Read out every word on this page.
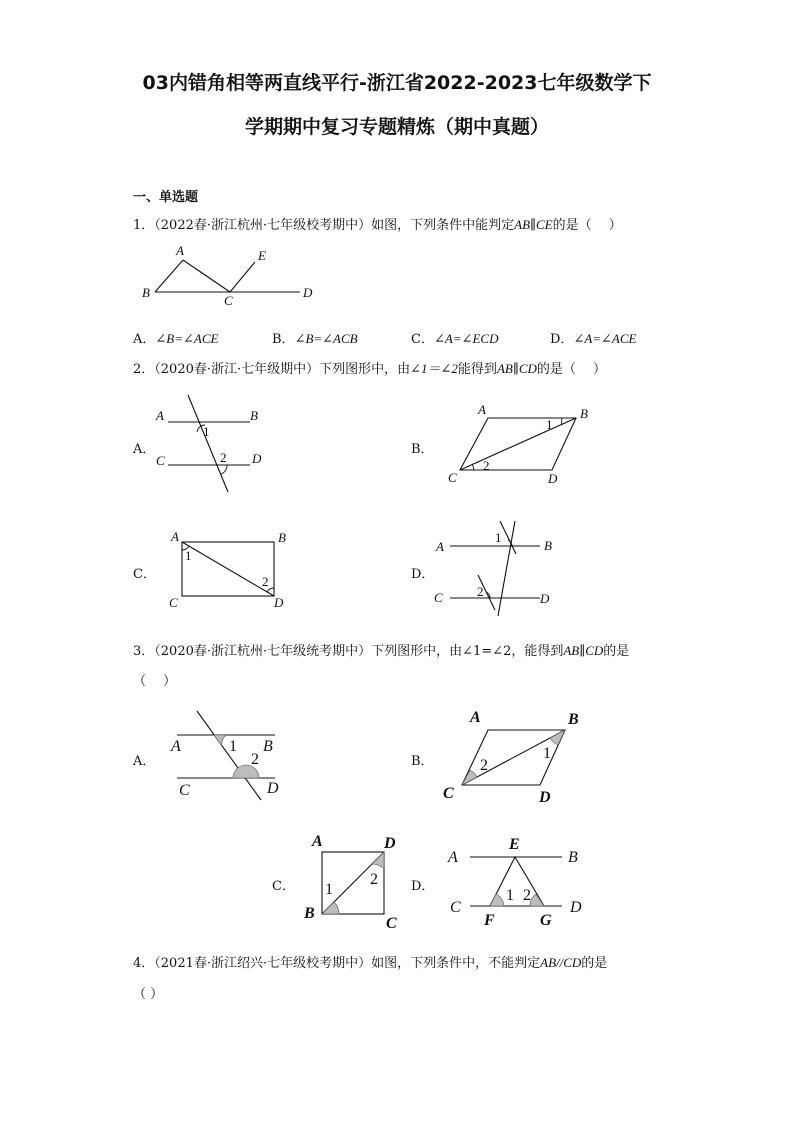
03内错角相等两直线平行-浙江省2022-2023七年级数学下
学期期中复习专题精炼（期中真题）
一、单选题
1．（2022春·浙江杭州·七年级校考期中）如图，下列条件中能判定AB∥CE的是（　 ）
A
B
C
D
E
A．∠B=∠ACE	B．∠B=∠ACB	C．∠A=∠ECD	D．∠A=∠ACE
2．（2020春·浙江·七年级期中）下列图形中，由∠1＝∠2能得到AB∥CD的是（　 ）
A．
A	B
C	D
1
2
B．
A	B
C	D
1
2
C．
A	B
C	D
1
2	D．
A	B
C	D
1
2
3．（2020春·浙江杭州·七年级统考期中）下列图形中，由∠1=∠2，能得到AB∥CD的是
（　 ）
A．
A	B
C	D
1
2	B．
A	B
C	D
1
2
C．
A	D
B
C
1
2	D．
A	B
C	D
E
F	G
1 2
4．（2021春·浙江绍兴·七年级校考期中）如图，下列条件中，不能判定AB//CD的是
（ ）
